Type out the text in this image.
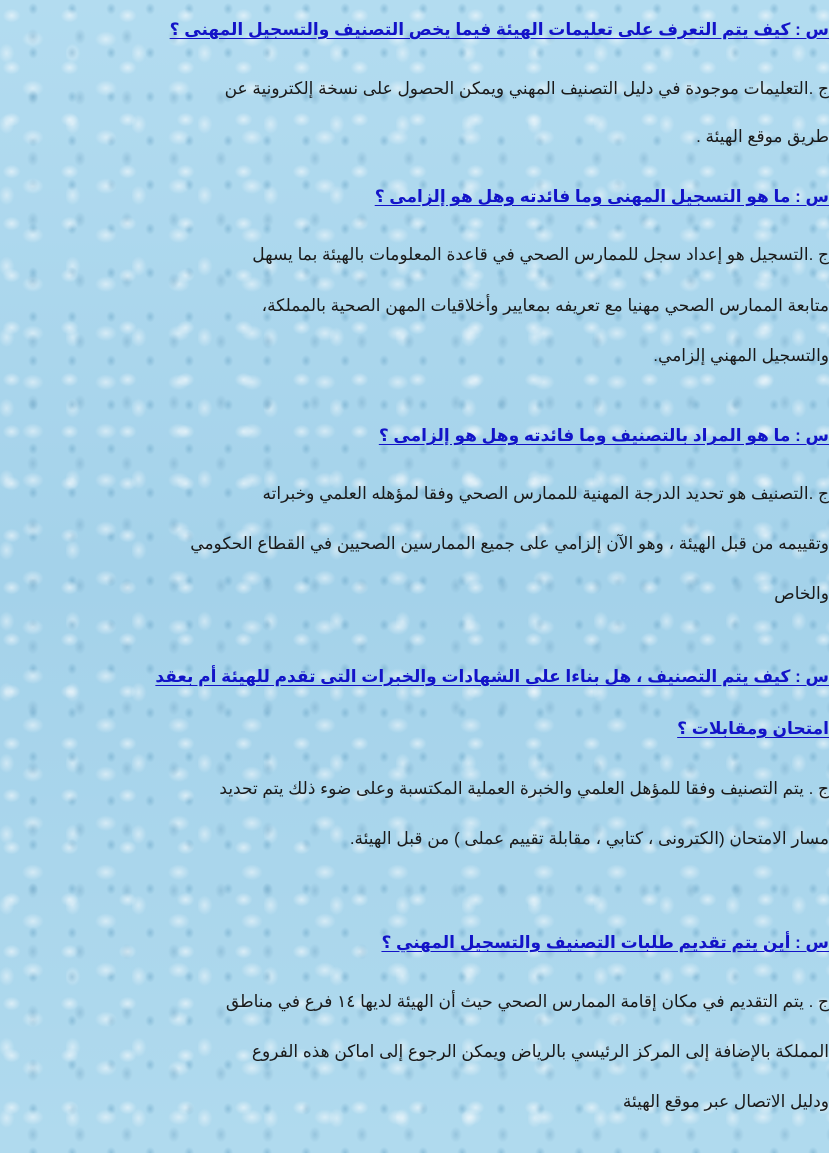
س : كيف يتم التعرف على تعليمات الهيئة فيما يخص التصنيف والتسجيل المهنى ؟
ج .التعليمات موجودة في دليل التصنيف المهني ويمكن الحصول على نسخة إلكترونية عن
طريق موقع الهيئة .
س : ما هو التسجيل المهنى وما فائدته وهل هو إلزامى ؟
ج .التسجيل هو إعداد سجل للممارس الصحي في قاعدة المعلومات بالهيئة بما يسهل
متابعة الممارس الصحي مهنيا مع تعريفه بمعايير وأخلاقيات المهن الصحية بالمملكة،
والتسجيل المهني إلزامي.
س : ما هو المراد بالتصنيف وما فائدته وهل هو إلزامى ؟
ج .التصنيف هو تحديد الدرجة المهنية للممارس الصحي وفقا لمؤهله العلمي وخبراته
وتقييمه من قبل الهيئة ، وهو الآن إلزامي على جميع الممارسين الصحيين في القطاع الحكومي
والخاص
س : كيف يتم التصنيف ، هل بناءا على الشهادات والخبرات التى تقدم للهيئة أم بعقد
امتحان ومقابلات ؟
ج . يتم التصنيف وفقا للمؤهل العلمي والخبرة العملية المكتسبة وعلى ضوء ذلك يتم تحديد
مسار الامتحان (الكترونى ، كتابي ، مقابلة تقييم عملى ) من قبل الهيئة.
س : أين يتم تقديم طلبات التصنيف والتسجيل المهني ؟
ج . يتم التقديم في مكان إقامة الممارس الصحي حيث أن الهيئة لديها ١٤ فرع في مناطق
المملكة بالإضافة إلى المركز الرئيسي بالرياض ويمكن الرجوع إلى اماكن هذه الفروع
ودليل الاتصال عبر موقع الهيئة
